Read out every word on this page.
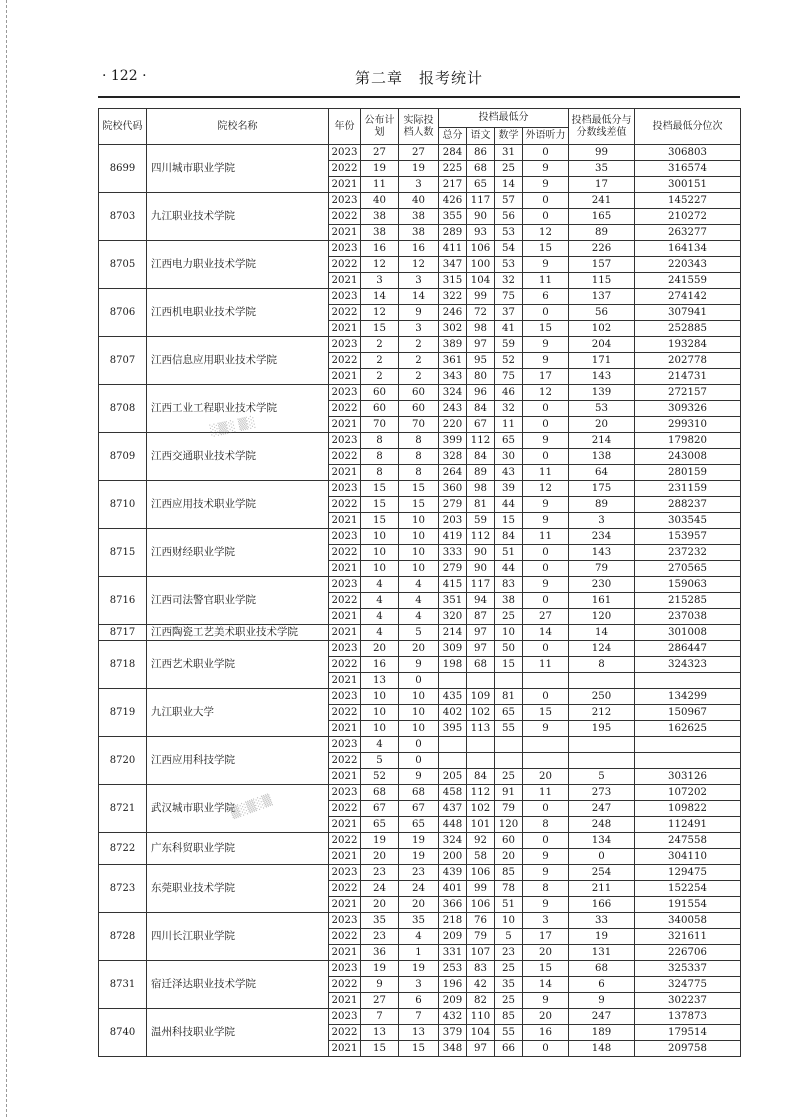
· 122 ·	第二章　报考统计
院校代码	院校名称	年份	公布计划	实际投档人数	投档最低分				投档最低分与分数线差值	投档最低分位次
					总分	语文	数学	外语听力		
8699	四川城市职业学院	2023	27	27	284	86	31	0	99	306803
		2022	19	19	225	68	25	9	35	316574
		2021	11	3	217	65	14	9	17	300151
8703	九江职业技术学院	2023	40	40	426	117	57	0	241	145227
		2022	38	38	355	90	56	0	165	210272
		2021	38	38	289	93	53	12	89	263277
8705	江西电力职业技术学院	2023	16	16	411	106	54	15	226	164134
		2022	12	12	347	100	53	9	157	220343
		2021	3	3	315	104	32	11	115	241559
8706	江西机电职业技术学院	2023	14	14	322	99	75	6	137	274142
		2022	12	9	246	72	37	0	56	307941
		2021	15	3	302	98	41	15	102	252885
8707	江西信息应用职业技术学院	2023	2	2	389	97	59	9	204	193284
		2022	2	2	361	95	52	9	171	202778
		2021	2	2	343	80	75	17	143	214731
8708	江西工业工程职业技术学院	2023	60	60	324	96	46	12	139	272157
		2022	60	60	243	84	32	0	53	309326
		2021	70	70	220	67	11	0	20	299310
8709	江西交通职业技术学院	2023	8	8	399	112	65	9	214	179820
		2022	8	8	328	84	30	0	138	243008
		2021	8	8	264	89	43	11	64	280159
8710	江西应用技术职业学院	2023	15	15	360	98	39	12	175	231159
		2022	15	15	279	81	44	9	89	288237
		2021	15	10	203	59	15	9	3	303545
8715	江西财经职业学院	2023	10	10	419	112	84	11	234	153957
		2022	10	10	333	90	51	0	143	237232
		2021	10	10	279	90	44	0	79	270565
8716	江西司法警官职业学院	2023	4	4	415	117	83	9	230	159063
		2022	4	4	351	94	38	0	161	215285
		2021	4	4	320	87	25	27	120	237038
8717	江西陶瓷工艺美术职业技术学院	2021	4	5	214	97	10	14	14	301008
8718	江西艺术职业学院	2023	20	20	309	97	50	0	124	286447
		2022	16	9	198	68	15	11	8	324323
		2021	13	0						
8719	九江职业大学	2023	10	10	435	109	81	0	250	134299
		2022	10	10	402	102	65	15	212	150967
		2021	10	10	395	113	55	9	195	162625
8720	江西应用科技学院	2023	4	0						
		2022	5	0						
		2021	52	9	205	84	25	20	5	303126
8721	武汉城市职业学院	2023	68	68	458	112	91	11	273	107202
		2022	67	67	437	102	79	0	247	109822
		2021	65	65	448	101	120	8	248	112491
8722	广东科贸职业学院	2022	19	19	324	92	60	0	134	247558
		2021	20	19	200	58	20	9	0	304110
8723	东莞职业技术学院	2023	23	23	439	106	85	9	254	129475
		2022	24	24	401	99	78	8	211	152254
		2021	20	20	366	106	51	9	166	191554
8728	四川长江职业学院	2023	35	35	218	76	10	3	33	340058
		2022	23	4	209	79	5	17	19	321611
		2021	36	1	331	107	23	20	131	226706
8731	宿迁泽达职业技术学院	2023	19	19	253	83	25	15	68	325337
		2022	9	3	196	42	35	14	6	324775
		2021	27	6	209	82	25	9	9	302237
8740	温州科技职业学院	2023	7	7	432	110	85	20	247	137873
		2022	13	13	379	104	55	16	189	179514
		2021	15	15	348	97	66	0	148	209758
░▒░ ▒░
▒░▒░▒
